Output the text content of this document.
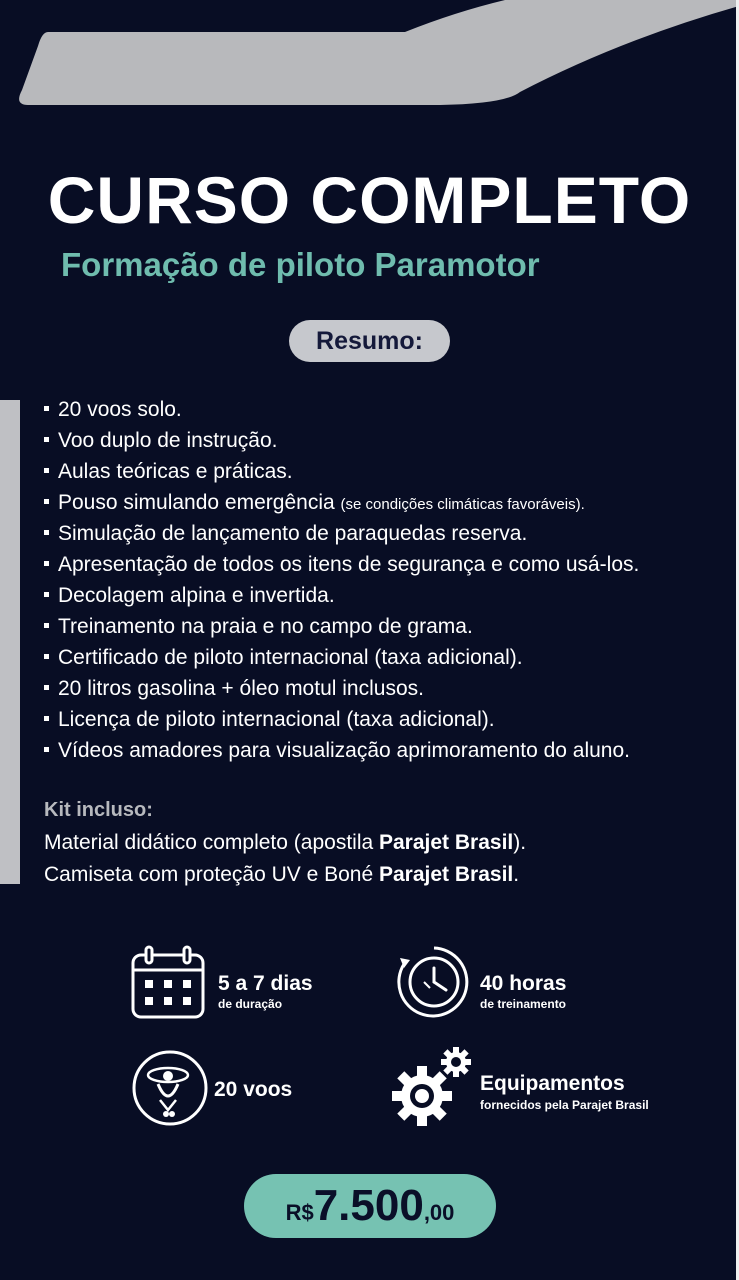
CURSO COMPLETO
Formação de piloto Paramotor
Resumo:
20 voos solo.
Voo duplo de instrução.
Aulas teóricas e práticas.
Pouso simulando emergência (se condições climáticas favoráveis).
Simulação de lançamento de paraquedas reserva.
Apresentação de todos os itens de segurança e como usá-los.
Decolagem alpina e invertida.
Treinamento na praia e no campo de grama.
Certificado de piloto internacional (taxa adicional).
20 litros gasolina + óleo motul inclusos.
Licença de piloto internacional (taxa adicional).
Vídeos amadores para visualização aprimoramento do aluno.
Kit incluso:
Material didático completo (apostila Parajet Brasil).
Camiseta com proteção UV e Boné Parajet Brasil.
5 a 7 dias
de duração
40 horas
de treinamento
20 voos	Equipamentos
fornecidos pela Parajet Brasil
R$7.500,00
